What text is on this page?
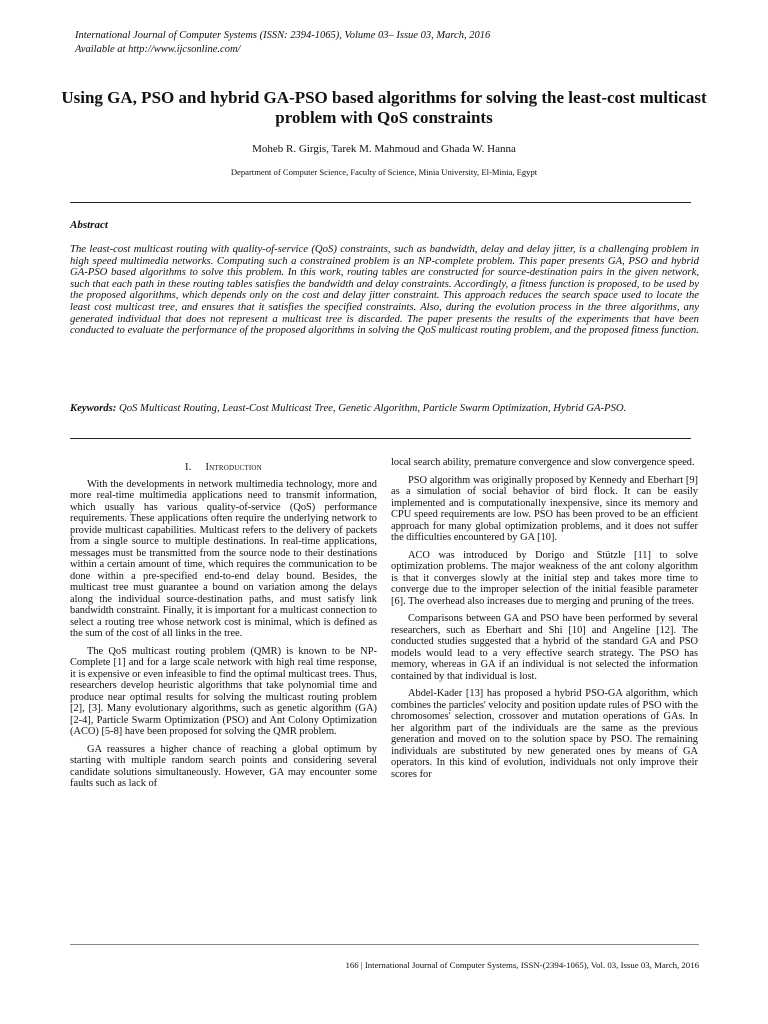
International Journal of Computer Systems (ISSN: 2394-1065), Volume 03– Issue 03, March, 2016
Available at http://www.ijcsonline.com/
Using GA, PSO and hybrid GA-PSO based algorithms for solving the least-cost multicast problem with QoS constraints
Moheb R. Girgis, Tarek M. Mahmoud and Ghada W. Hanna
Department of Computer Science, Faculty of Science, Minia University, El-Minia, Egypt
Abstract

The least-cost multicast routing with quality-of-service (QoS) constraints, such as bandwidth, delay and delay jitter, is a challenging problem in high speed multimedia networks. Computing such a constrained problem is an NP-complete problem. This paper presents GA, PSO and hybrid GA-PSO based algorithms to solve this problem. In this work, routing tables are constructed for source-destination pairs in the given network, such that each path in these routing tables satisfies the bandwidth and delay constraints. Accordingly, a fitness function is proposed, to be used by the proposed algorithms, which depends only on the cost and delay jitter constraint. This approach reduces the search space used to locate the least cost multicast tree, and ensures that it satisfies the specified constraints. Also, during the evolution process in the three algorithms, any generated individual that does not represent a multicast tree is discarded. The paper presents the results of the experiments that have been conducted to evaluate the performance of the proposed algorithms in solving the QoS multicast routing problem, and the proposed fitness function.

Keywords: QoS Multicast Routing, Least-Cost Multicast Tree, Genetic Algorithm, Particle Swarm Optimization, Hybrid GA-PSO.

I. Introduction

With the developments in network multimedia technology, more and more real-time multimedia applications need to transmit information, which usually has various quality-of-service (QoS) performance requirements. These applications often require the underlying network to provide multicast capabilities. Multicast refers to the delivery of packets from a single source to multiple destinations. In real-time applications, messages must be transmitted from the source node to their destinations within a certain amount of time, which requires the communication to be done within a pre-specified end-to-end delay bound. Besides, the multicast tree must guarantee a bound on variation among the delays along the individual source-destination paths, and must satisfy link bandwidth constraint. Finally, it is important for a multicast connection to select a routing tree whose network cost is minimal, which is defined as the sum of the cost of all links in the tree.

The QoS multicast routing problem (QMR) is known to be NP-Complete [1] and for a large scale network with high real time response, it is expensive or even infeasible to find the optimal multicast trees. Thus, researchers develop heuristic algorithms that take polynomial time and produce near optimal results for solving the multicast routing problem [2], [3]. Many evolutionary algorithms, such as genetic algorithm (GA) [2-4], Particle Swarm Optimization (PSO) and Ant Colony Optimization (ACO) [5-8] have been proposed for solving the QMR problem.

GA reassures a higher chance of reaching a global optimum by starting with multiple random search points and considering several candidate solutions simultaneously. However, GA may encounter some faults such as lack of

local search ability, premature convergence and slow convergence speed.

PSO algorithm was originally proposed by Kennedy and Eberhart [9] as a simulation of social behavior of bird flock. It can be easily implemented and is computationally inexpensive, since its memory and CPU speed requirements are low. PSO has been proved to be an efficient approach for many global optimization problems, and it does not suffer the difficulties encountered by GA [10].

ACO was introduced by Dorigo and Stützle [11] to solve optimization problems. The major weakness of the ant colony algorithm is that it converges slowly at the initial step and takes more time to converge due to the improper selection of the initial feasible parameter [6]. The overhead also increases due to merging and pruning of the trees.

Comparisons between GA and PSO have been performed by several researchers, such as Eberhart and Shi [10] and Angeline [12]. The conducted studies suggested that a hybrid of the standard GA and PSO models would lead to a very effective search strategy. The PSO has memory, whereas in GA if an individual is not selected the information contained by that individual is lost.

Abdel-Kader [13] has proposed a hybrid PSO-GA algorithm, which combines the particles' velocity and position update rules of PSO with the chromosomes' selection, crossover and mutation operations of GAs. In her algorithm part of the individuals are the same as the previous generation and moved on to the solution space by PSO. The remaining individuals are substituted by new generated ones by means of GA operators. In this kind of evolution, individuals not only improve their scores for

166 | International Journal of Computer Systems, ISSN-(2394-1065), Vol. 03, Issue 03, March, 2016
